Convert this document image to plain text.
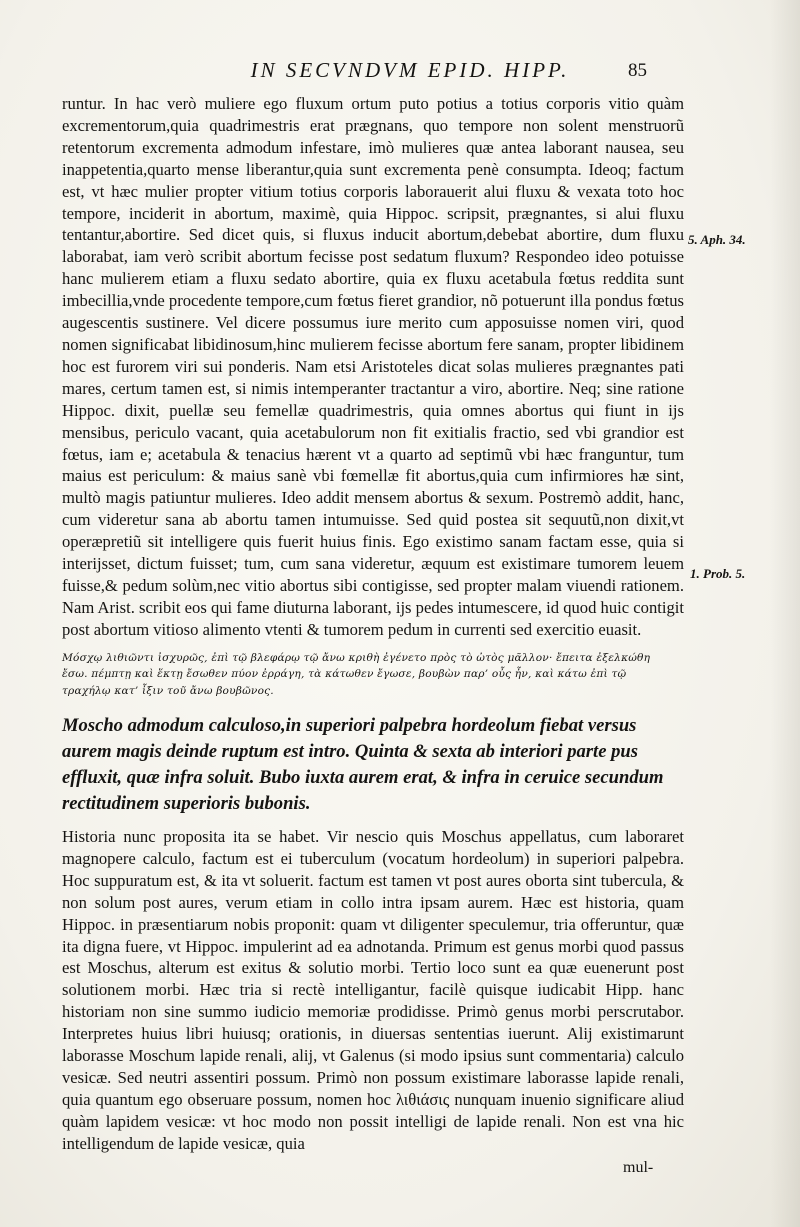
IN SECVNDVM EPID. HIPP.	85

runtur. In hac verò muliere ego fluxum ortum puto potius a totius corporis vitio quàm excrementorum,quia quadrimestris erat prægnans, quo tempore non solent menstruorũ retentorum excrementa admodum infestare, imò mulieres quæ antea laborant nausea, seu inappetentia,quarto mense liberantur,quia sunt excrementa penè consumpta. Ideoq; factum est, vt hæc mulier propter vitium totius corporis laborauerit alui fluxu & vexata toto hoc tempore, inciderit in abortum, maximè, quia Hippoc. scripsit, prægnantes, si alui fluxu tentantur,abortire. Sed dicet quis, si fluxus inducit abortum,debebat abortire, dum fluxu laborabat, iam verò scribit abortum fecisse post sedatum fluxum? Respondeo ideo potuisse hanc mulierem etiam a fluxu sedato abortire, quia ex fluxu acetabula fœtus reddita sunt imbecillia,vnde procedente tempore,cum fœtus fieret grandior, nõ potuerunt illa pondus fœtus augescentis sustinere. Vel dicere possumus iure merito cum apposuisse nomen viri, quod nomen significabat libidinosum,hinc mulierem fecisse abortum fere sanam, propter libidinem hoc est furorem viri sui ponderis. Nam etsi Aristoteles dicat solas mulieres prægnantes pati mares, certum tamen est, si nimis intemperanter tractantur a viro, abortire. Neq; sine ratione Hippoc. dixit, puellæ seu femellæ quadrimestris, quia omnes abortus qui fiunt in ijs mensibus, periculo vacant, quia acetabulorum non fit exitialis fractio, sed vbi grandior est fœtus, iam e; acetabula & tenacius hærent vt a quarto ad septimũ vbi hæc franguntur, tum maius est periculum: & maius sanè vbi fœmellæ fit abortus,quia cum infirmiores hæ sint, multò magis patiuntur mulieres. Ideo addit mensem abortus & sexum. Postremò addit, hanc, cum videretur sana ab abortu tamen intumuisse. Sed quid postea sit sequutũ,non dixit,vt operæpretiũ sit intelligere quis fuerit huius finis. Ego existimo sanam factam esse, quia si interijsset, dictum fuisset; tum, cum sana videretur, æquum est existimare tumorem leuem fuisse,& pedum solùm,nec vitio abortus sibi contigisse, sed propter malam viuendi rationem. Nam Arist. scribit eos qui fame diuturna laborant, ijs pedes intumescere, id quod huic contigit post abortum vitioso alimento vtenti & tumorem pedum in currenti sed exercitio euasit.

5. Aph. 34.
1. Prob. 5.

Μόσχῳ λιθιῶντι ἰσχυρῶς, ἐπὶ τῷ βλεφάρῳ τῷ ἄνω κριθὴ ἐγένετο πρὸς τὸ ὠτὸς μᾶλλον· ἔπειτα ἐξελκώθη

ἔσω. πέμπτῃ καὶ ἕκτῃ ἔσωθεν πύον ἐρράγη, τὰ κάτωθεν ἔγωσε, βουβὼν παρ’ οὖς ἦν, καὶ κάτω ἐπὶ τῷ

τραχήλῳ κατ’ ἶξιν τοῦ ἄνω βουβῶνος.

Moscho admodum calculoso,in superiori palpebra hordeolum fiebat versus aurem magis deinde ruptum est intro. Quinta & sexta ab interiori parte pus effluxit, quæ infra soluit. Bubo iuxta aurem erat, & infra in ceruice secundum rectitudinem superioris bubonis.

Historia nunc proposita ita se habet. Vir nescio quis Moschus appellatus, cum laboraret magnopere calculo, factum est ei tuberculum (vocatum hordeolum) in superiori palpebra. Hoc suppuratum est, & ita vt soluerit. factum est tamen vt post aures oborta sint tubercula, & non solum post aures, verum etiam in collo intra ipsam aurem. Hæc est historia, quam Hippoc. in præsentiarum nobis proponit: quam vt diligenter speculemur, tria offeruntur, quæ ita digna fuere, vt Hippoc. impulerint ad ea adnotanda. Primum est genus morbi quod passus est Moschus, alterum est exitus & solutio morbi. Tertio loco sunt ea quæ euenerunt post solutionem morbi. Hæc tria si rectè intelligantur, facilè quisque iudicabit Hipp. hanc historiam non sine summo iudicio memoriæ prodidisse. Primò genus morbi perscrutabor. Interpretes huius libri huiusq; orationis, in diuersas sententias iuerunt. Alij existimarunt laborasse Moschum lapide renali, alij, vt Galenus (si modo ipsius sunt commentaria) calculo vesicæ. Sed neutri assentiri possum. Primò non possum existimare laborasse lapide renali, quia quantum ego obseruare possum, nomen hoc λιθιάσις nunquam inuenio significare aliud quàm lapidem vesicæ: vt hoc modo non possit intelligi de lapide renali. Non est vna hic intelligendum de lapide vesicæ, quia

mul-
